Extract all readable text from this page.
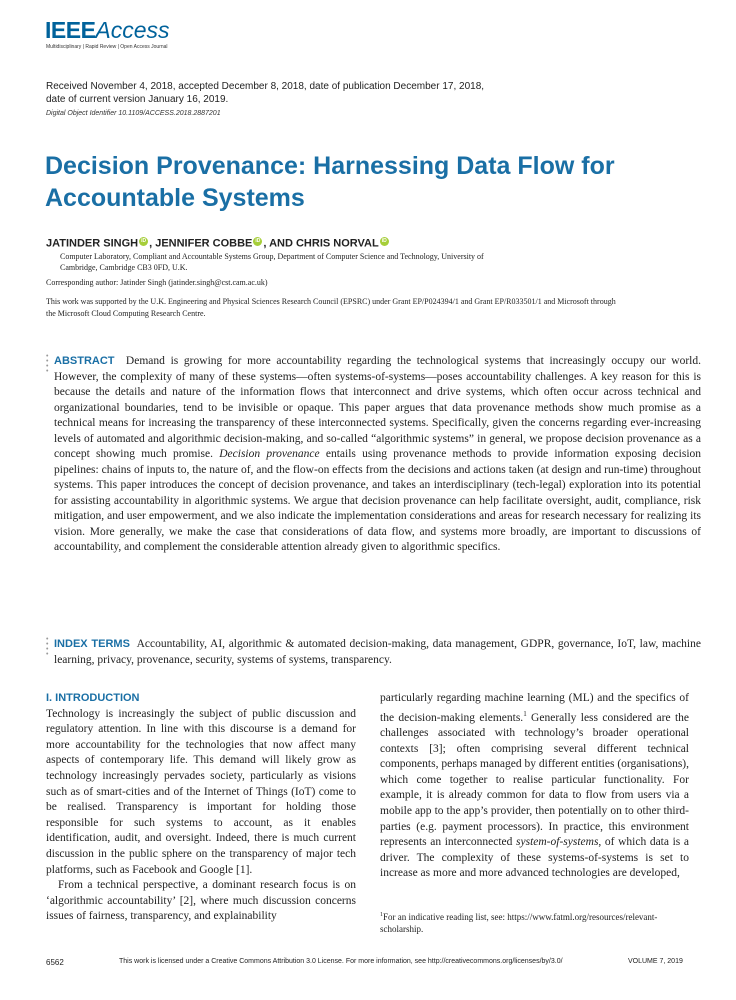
IEEEAccess
Multidisciplinary | Rapid Review | Open Access Journal
Received November 4, 2018, accepted December 8, 2018, date of publication December 17, 2018,
date of current version January 16, 2019.
Digital Object Identifier 10.1109/ACCESS.2018.2887201
Decision Provenance: Harnessing Data Flow for Accountable Systems
JATINDER SINGH iD , JENNIFER COBBE iD , AND CHRIS NORVAL iD
Computer Laboratory, Compliant and Accountable Systems Group, Department of Computer Science and Technology, University of Cambridge, Cambridge CB3 0FD, U.K.
Corresponding author: Jatinder Singh (jatinder.singh@cst.cam.ac.uk)
This work was supported by the U.K. Engineering and Physical Sciences Research Council (EPSRC) under Grant EP/P024394/1 and Grant EP/R033501/1 and Microsoft through the Microsoft Cloud Computing Research Centre.
•
•
•
•
ABSTRACT Demand is growing for more accountability regarding the technological systems that increasingly occupy our world. However, the complexity of many of these systems—often systems-of-systems—poses accountability challenges. A key reason for this is because the details and nature of the information flows that interconnect and drive systems, which often occur across technical and organizational boundaries, tend to be invisible or opaque. This paper argues that data provenance methods show much promise as a technical means for increasing the transparency of these interconnected systems. Specifically, given the concerns regarding ever-increasing levels of automated and algorithmic decision-making, and so-called “algorithmic systems” in general, we propose decision provenance as a concept showing much promise. Decision provenance entails using provenance methods to provide information exposing decision pipelines: chains of inputs to, the nature of, and the flow-on effects from the decisions and actions taken (at design and run-time) throughout systems. This paper introduces the concept of decision provenance, and takes an interdisciplinary (tech-legal) exploration into its potential for assisting accountability in algorithmic systems. We argue that decision provenance can help facilitate oversight, audit, compliance, risk mitigation, and user empowerment, and we also indicate the implementation considerations and areas for research necessary for realizing its vision. More generally, we make the case that considerations of data flow, and systems more broadly, are important to discussions of accountability, and complement the considerable attention already given to algorithmic specifics.
•
•
•
•
INDEX TERMS Accountability, AI, algorithmic & automated decision-making, data management, GDPR, governance, IoT, law, machine learning, privacy, provenance, security, systems of systems, transparency.

I. INTRODUCTION

Technology is increasingly the subject of public discussion and regulatory attention. In line with this discourse is a demand for more accountability for the technologies that now affect many aspects of contemporary life. This demand will likely grow as technology increasingly pervades society, particularly as visions such as of smart-cities and of the Internet of Things (IoT) come to be realised. Transparency is important for holding those responsible for such systems to account, as it enables identification, audit, and oversight. Indeed, there is much current discussion in the public sphere on the transparency of major tech platforms, such as Facebook and Google [1].

From a technical perspective, a dominant research focus is on ‘algorithmic accountability’ [2], where much discussion concerns issues of fairness, transparency, and explainability

particularly regarding machine learning (ML) and the specifics of the decision-making elements.$^1$ Generally less considered are the challenges associated with technology’s broader operational contexts [3]; often comprising several different technical components, perhaps managed by different entities (organisations), which come together to realise particular functionality. For example, it is already common for data to flow from users via a mobile app to the app’s provider, then potentially on to other third-parties (e.g. payment processors). In practice, this environment represents an interconnected system-of-systems, of which data is a driver. The complexity of these systems-of-systems is set to increase as more and more advanced technologies are developed,

$^1$For an indicative reading list, see: https://www.fatml.org/resources/relevant-scholarship.
6562	This work is licensed under a Creative Commons Attribution 3.0 License. For more information, see http://creativecommons.org/licenses/by/3.0/	VOLUME 7, 2019
